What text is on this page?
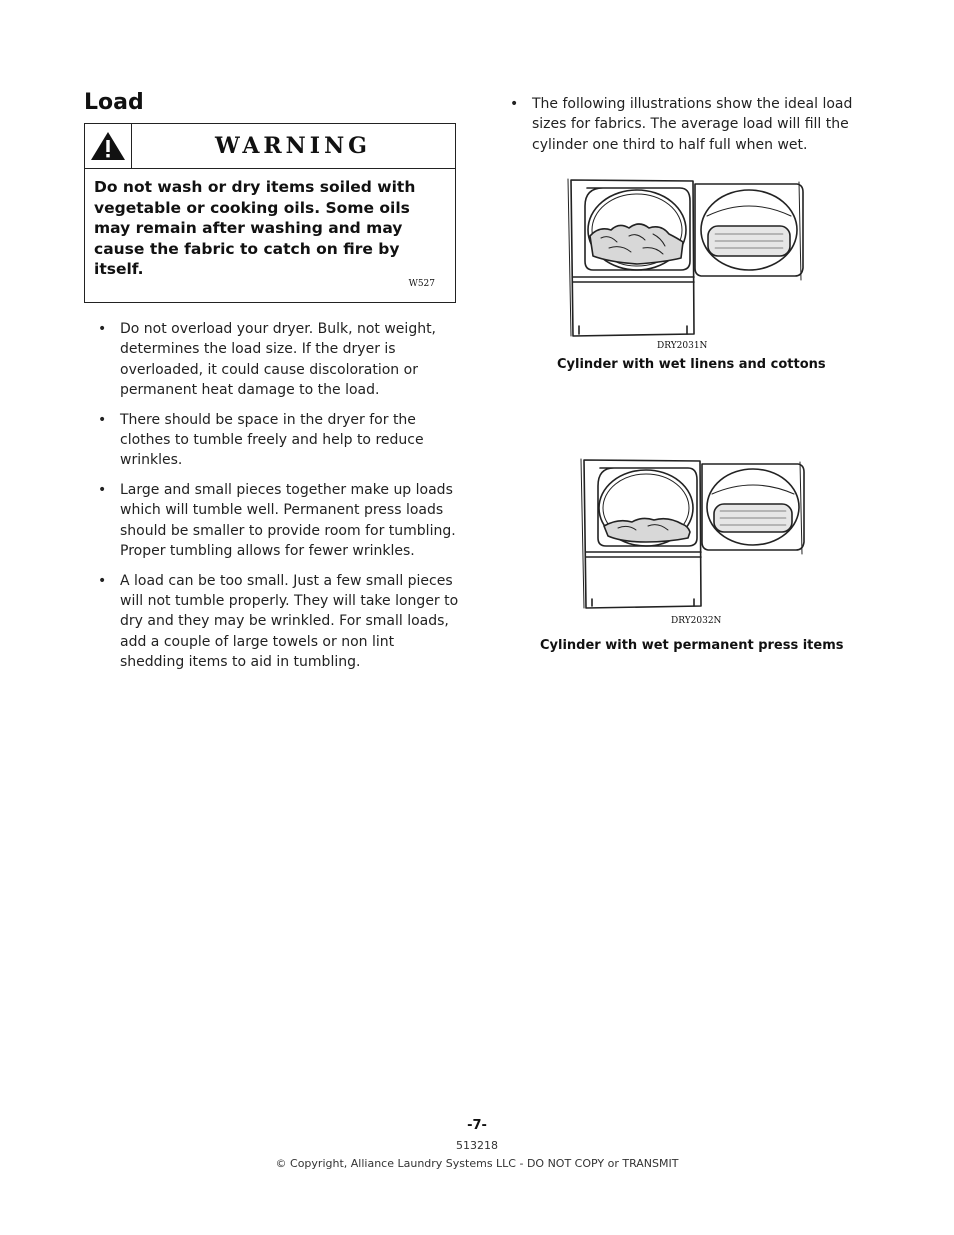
Load
WARNING
Do not wash or dry items soiled with vegetable or cooking oils. Some oils may remain after washing and may cause the fabric to catch on fire by itself.
W527
• Do not overload your dryer. Bulk, not weight, determines the load size. If the dryer is overloaded, it could cause discoloration or permanent heat damage to the load.
• There should be space in the dryer for the clothes to tumble freely and help to reduce wrinkles.
• Large and small pieces together make up loads which will tumble well. Permanent press loads should be smaller to provide room for tumbling. Proper tumbling allows for fewer wrinkles.
• A load can be too small. Just a few small pieces will not tumble properly. They will take longer to dry and they may be wrinkled. For small loads, add a couple of large towels or non lint shedding items to aid in tumbling.
• The following illustrations show the ideal load sizes for fabrics. The average load will fill the cylinder one third to half full when wet.
DRY2031N
Cylinder with wet linens and cottons
DRY2032N
Cylinder with wet permanent press items
-7-
513218
© Copyright, Alliance Laundry Systems LLC - DO NOT COPY or TRANSMIT
